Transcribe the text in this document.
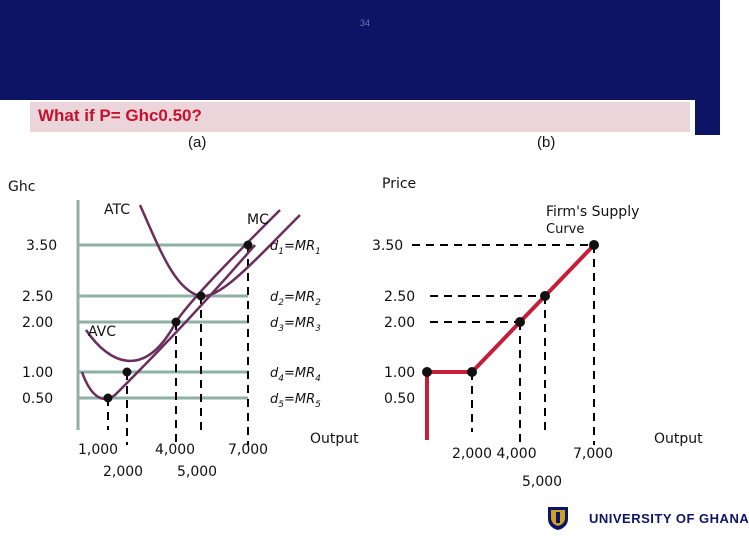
34
The Firm’s Short-Run Supply Curve
What if P= Ghc0.50?
(a)	(b)
Ghc
3.50
2.50
2.00
1.00
0.50
ATC
MC
AVC
$d_1=MR_1$
$d_2=MR_2$
$d_3=MR_3$
$d_4=MR_4$
$d_5=MR_5$
1,000	4,000 7,000
2,000 5,000
Output
Price
Firm's Supply
Curve
3.50
2.50
2.00
1.00
0.50
2,000 4,000	7,000
5,000
Output
UNIVERSITY OF GHANA
